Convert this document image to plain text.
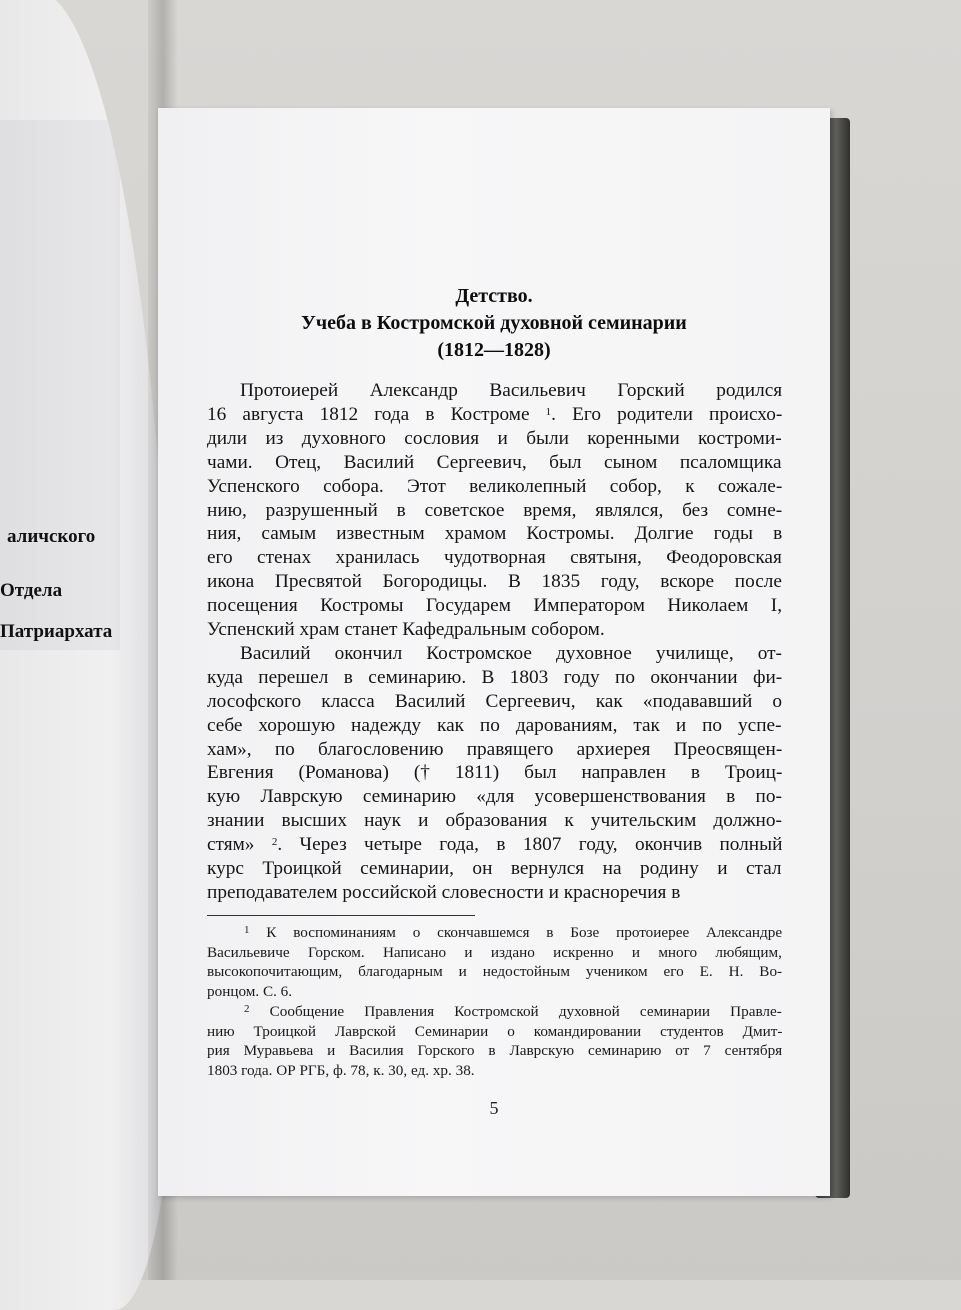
аличского
Отдела
Патриархата
Детство.
Учеба в Костромской духовной семинарии
(1812—1828)
Протоиерей Александр Васильевич Горский родился
16 августа 1812 года в Костроме $^1$. Его родители происхо-
дили из духовного сословия и были коренными костроми-
чами. Отец, Василий Сергеевич, был сыном псаломщика
Успенского собора. Этот великолепный собор, к сожале-
нию, разрушенный в советское время, являлся, без сомне-
ния, самым известным храмом Костромы. Долгие годы в
его стенах хранилась чудотворная святыня, Феодоровская
икона Пресвятой Богородицы. В 1835 году, вскоре после
посещения Костромы Государем Императором Николаем I,
Успенский храм станет Кафедральным собором.
Василий окончил Костромское духовное училище, от-
куда перешел в семинарию. В 1803 году по окончании фи-
лософского класса Василий Сергеевич, как «подававший о
себе хорошую надежду как по дарованиям, так и по успе-
хам», по благословению правящего архиерея Преосвящен-
Евгения (Романова) († 1811) был направлен в Троиц-
кую Лаврскую семинарию «для усовершенствования в по-
знании высших наук и образования к учительским должно-
стям» $^2$. Через четыре года, в 1807 году, окончив полный
курс Троицкой семинарии, он вернулся на родину и стал
преподавателем российской словесности и красноречия в
$^1$ К воспоминаниям о скончавшемся в Бозе протоиерее Александре
Васильевиче Горском. Написано и издано искренно и много любящим,
высокопочитающим, благодарным и недостойным учеником его Е. Н. Во-
ронцом. С. 6.
$^2$ Сообщение Правления Костромской духовной семинарии Правле-
нию Троицкой Лаврской Семинарии о командировании студентов Дмит-
рия Муравьева и Василия Горского в Лаврскую семинарию от 7 сентября
1803 года. ОР РГБ, ф. 78, к. 30, ед. хр. 38.
5
